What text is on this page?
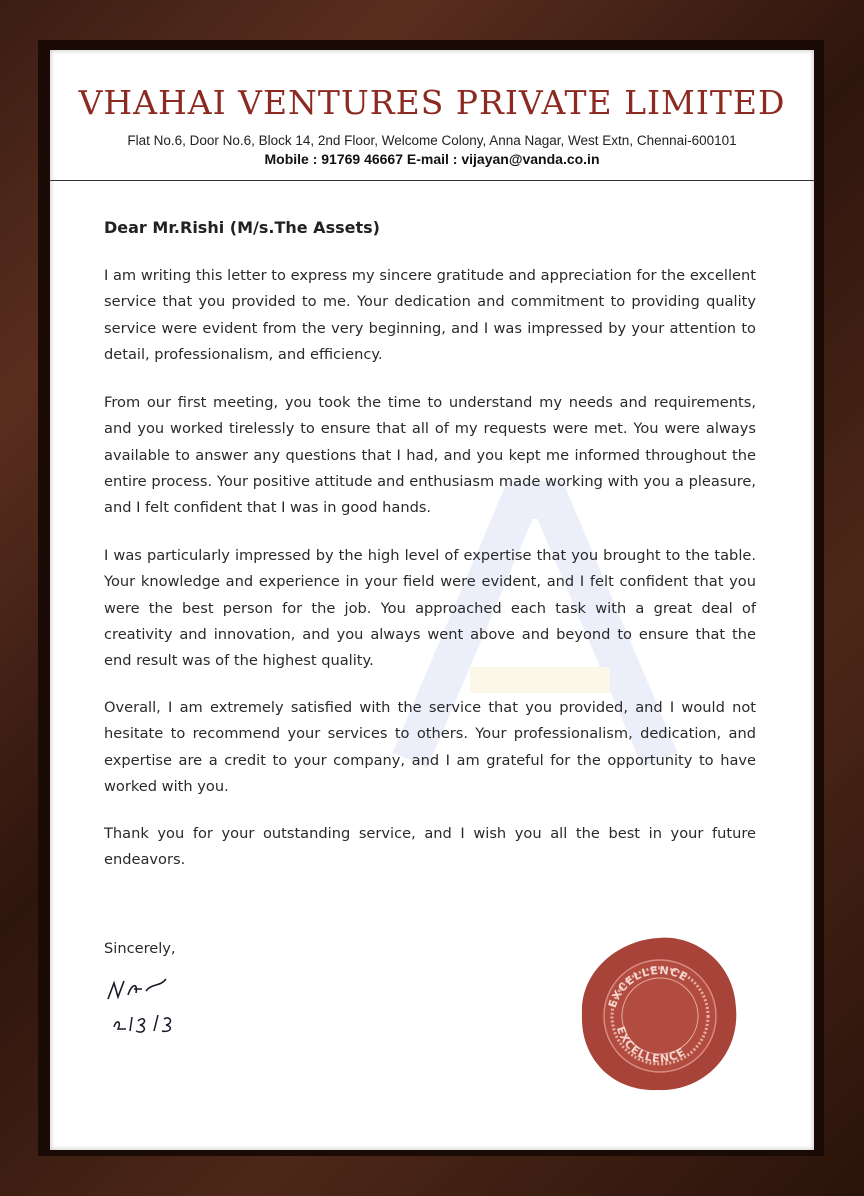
VHAHAI VENTURES PRIVATE LIMITED
Flat No.6, Door No.6, Block 14, 2nd Floor, Welcome Colony, Anna Nagar, West Extn, Chennai-600101
Mobile : 91769 46667 E-mail : vijayan@vanda.co.in
Dear Mr.Rishi (M/s.The Assets)

I am writing this letter to express my sincere gratitude and appreciation for the excellent service that you provided to me. Your dedication and commitment to providing quality service were evident from the very beginning, and I was impressed by your attention to detail, professionalism, and efficiency.

From our first meeting, you took the time to understand my needs and requirements, and you worked tirelessly to ensure that all of my requests were met. You were always available to answer any questions that I had, and you kept me informed throughout the entire process. Your positive attitude and enthusiasm made working with you a pleasure, and I felt confident that I was in good hands.

I was particularly impressed by the high level of expertise that you brought to the table. Your knowledge and experience in your field were evident, and I felt confident that you were the best person for the job. You approached each task with a great deal of creativity and innovation, and you always went above and beyond to ensure that the end result was of the highest quality.

Overall, I am extremely satisfied with the service that you provided, and I would not hesitate to recommend your services to others. Your professionalism, dedication, and expertise are a credit to your company, and I am grateful for the opportunity to have worked with you.

Thank you for your outstanding service, and I wish you all the best in your future endeavors.

Sincerely,
EXCELLENCE
EXCELLENCE
